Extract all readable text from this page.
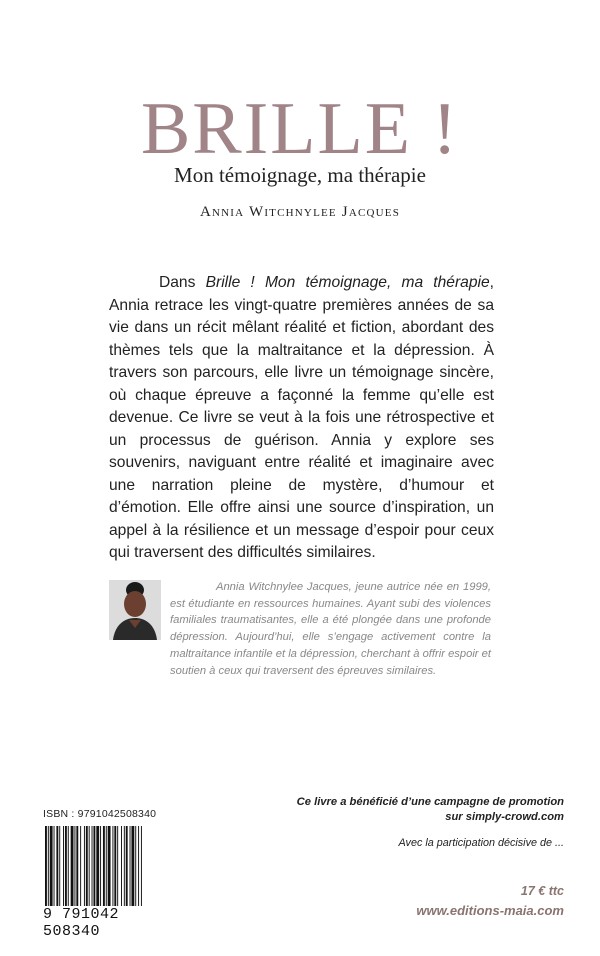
BRILLE !
Mon témoignage, ma thérapie
Annia Witchnylee Jacques

Dans Brille ! Mon témoignage, ma thérapie, Annia retrace les vingt-quatre premières années de sa vie dans un récit mêlant réalité et fiction, abordant des thèmes tels que la maltraitance et la dépression. À travers son parcours, elle livre un témoignage sincère, où chaque épreuve a façonné la femme qu’elle est devenue. Ce livre se veut à la fois une rétrospective et un processus de guérison. Annia y explore ses souvenirs, naviguant entre réalité et imaginaire avec une narration pleine de mystère, d’humour et d’émotion. Elle offre ainsi une source d’inspiration, un appel à la résilience et un message d’espoir pour ceux qui traversent des difficultés similaires.

Annia Witchnylee Jacques, jeune autrice née en 1999, est étudiante en ressources humaines. Ayant subi des violences familiales traumatisantes, elle a été plongée dans une profonde dépression. Aujourd’hui, elle s’engage activement contre la maltraitance infantile et la dépression, cherchant à offrir espoir et soutien à ceux qui traversent des épreuves similaires.

ISBN : 9791042508340
9 791042 508340
Ce livre a bénéficié d’une campagne de promotion
sur simply-crowd.com
Avec la participation décisive de ...
17 € ttc
www.editions-maia.com
